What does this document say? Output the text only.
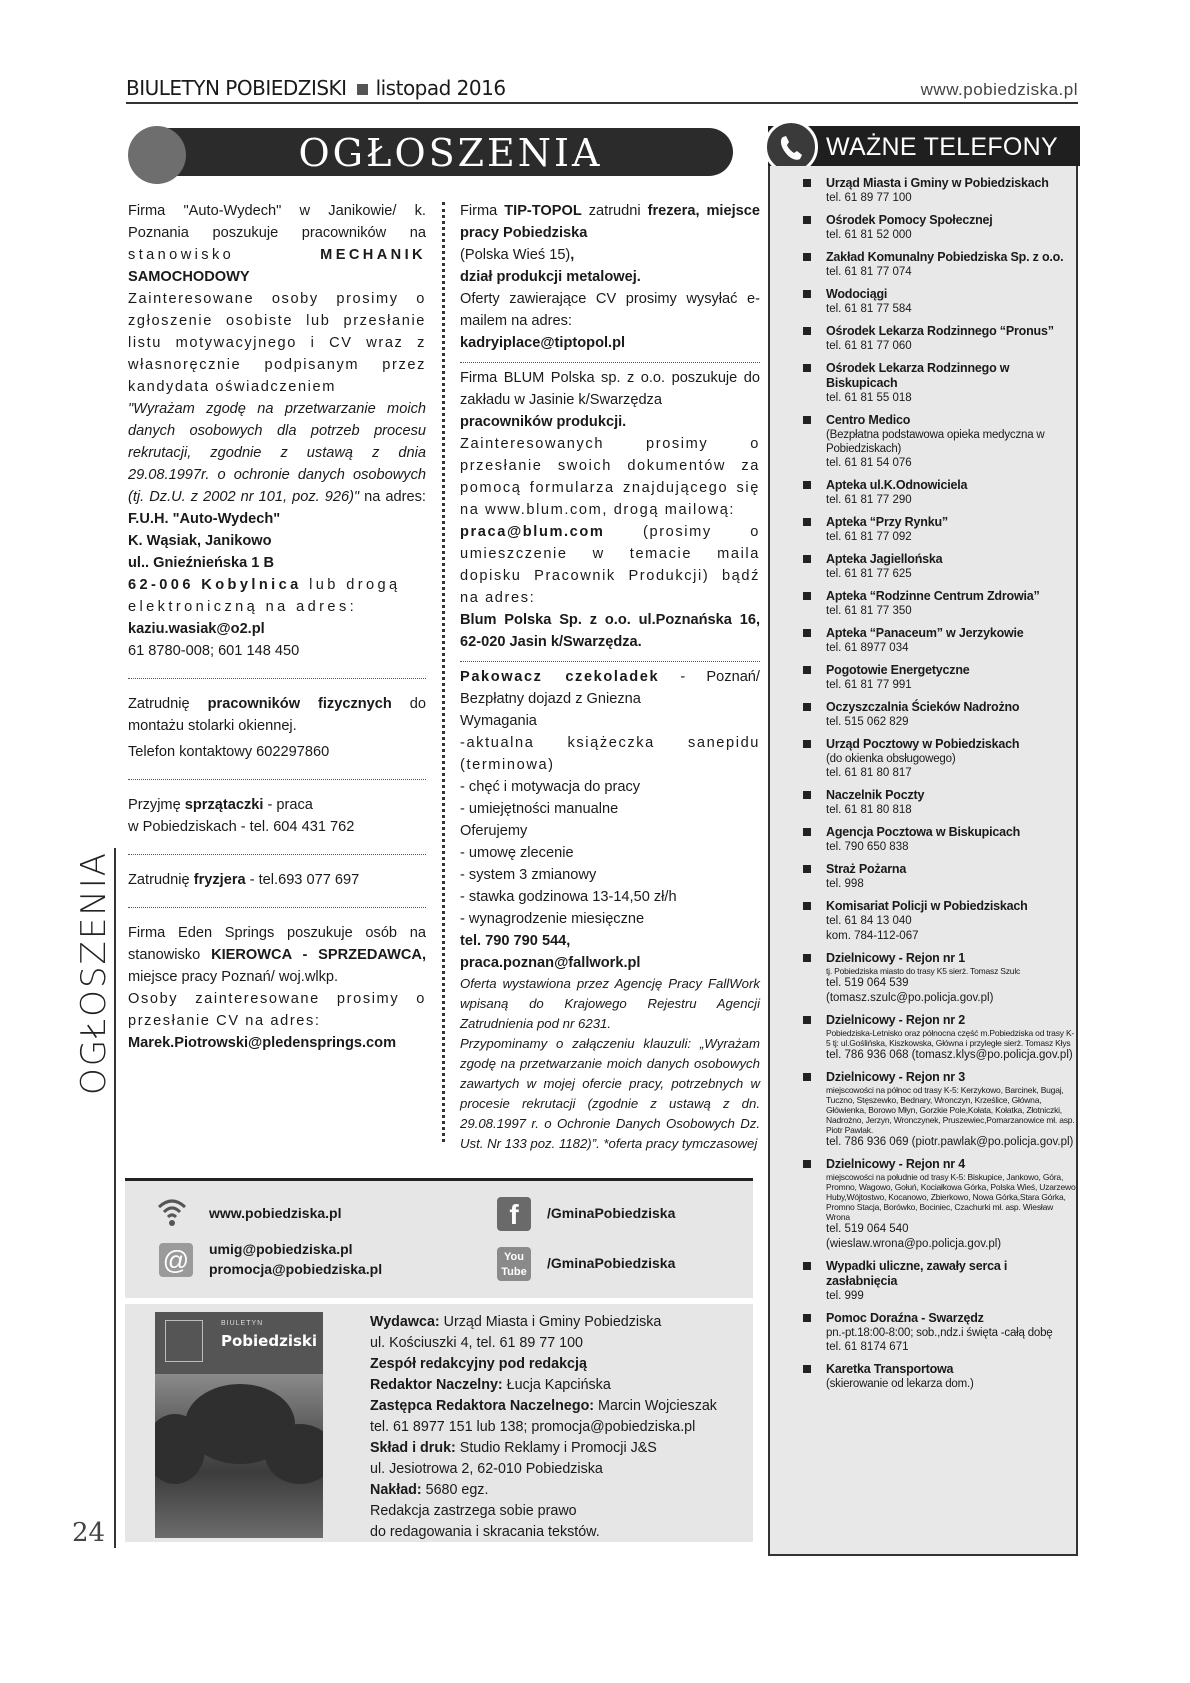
BIULETYN POBIEDZISKI listopad 2016	www.pobiedziska.pl
OGŁOSZENIA

Firma "Auto-Wydech" w Janikowie/ k. Poznania poszukuje pracowników na stanowisko	MECHANIK SAMOCHODOWY

Zainteresowane osoby prosimy o zgłoszenie osobiste lub przesłanie listu motywacyjnego i CV wraz z własnoręcznie podpisanym przez kandydata oświadczeniem

"Wyrażam zgodę na przetwarzanie moich danych osobowych dla potrzeb procesu rekrutacji, zgodnie z ustawą z dnia 29.08.1997r. o ochronie danych osobowych (tj. Dz.U. z 2002 nr 101, poz. 926)" na adres: F.U.H. "Auto-Wydech"

K. Wąsiak, Janikowo

ul.. Gnieźnieńska 1 B

62-006 Kobylnica lub drogą

elektroniczną na adres:

kaziu.wasiak@o2.pl

61 8780-008; 601 148 450

Zatrudnię pracowników fizycznych do montażu stolarki okiennej.

Telefon kontaktowy 602297860

Przyjmę sprzątaczki - praca

w Pobiedziskach - tel. 604 431 762

Zatrudnię fryzjera - tel.693 077 697

Firma Eden Springs poszukuje osób na stanowisko KIEROWCA - SPRZEDAWCA, miejsce pracy Poznań/ woj.wlkp.

Osoby zainteresowane prosimy o przesłanie CV na adres:

Marek.Piotrowski@pledensprings.com

Firma TIP-TOPOL zatrudni frezera, miejsce pracy Pobiedziska

(Polska Wieś 15),

dział produkcji metalowej.

Oferty zawierające CV prosimy wysyłać e-mailem na adres:

kadryiplace@tiptopol.pl

Firma BLUM Polska sp. z o.o. poszukuje do zakładu w Jasinie k/Swarzędza

pracowników produkcji.

Zainteresowanych prosimy o przesłanie swoich dokumentów za pomocą formularza znajdującego się na www.blum.com, drogą mailową:

praca@blum.com (prosimy o umieszczenie w temacie maila dopisku Pracownik Produkcji) bądź na adres:

Blum Polska Sp. z o.o. ul.Poznańska 16, 62-020 Jasin k/Swarzędza.

Pakowacz czekoladek - Poznań/ Bezpłatny dojazd z Gniezna

Wymagania

-aktualna książeczka sanepidu (terminowa)

- chęć i motywacja do pracy

- umiejętności manualne

Oferujemy

- umowę zlecenie

- system 3 zmianowy

- stawka godzinowa 13-14,50 zł/h

- wynagrodzenie miesięczne

tel. 790 790 544,

praca.poznan@fallwork.pl

Oferta wystawiona przez Agencję Pracy FallWork wpisaną do Krajowego Rejestru Agencji Zatrudnienia pod nr 6231.

Przypominamy o załączeniu klauzuli: „Wyrażam zgodę na przetwarzanie moich danych osobowych zawartych w mojej ofercie pracy, potrzebnych w procesie rekrutacji (zgodnie z ustawą z dn. 29.08.1997 r. o Ochronie Danych Osobowych Dz. Ust. Nr 133 poz. 1182)”. *oferta pracy tymczasowej

OGŁOSZENIA
24
WAŻNE TELEFONY
Urząd Miasta i Gminy w Pobiedziskach
tel. 61 89 77 100
Ośrodek Pomocy Społecznej
tel. 61 81 52 000
Zakład Komunalny Pobiedziska Sp. z o.o.
tel. 61 81 77 074
Wodociągi
tel. 61 81 77 584
Ośrodek Lekarza Rodzinnego “Pronus”
tel. 61 81 77 060
Ośrodek Lekarza Rodzinnego w Biskupicach
tel. 61 81 55 018
Centro Medico
(Bezpłatna podstawowa opieka medyczna w Pobiedziskach)
tel. 61 81 54 076
Apteka ul.K.Odnowiciela
tel. 61 81 77 290
Apteka “Przy Rynku”
tel. 61 81 77 092
Apteka Jagiellońska
tel. 61 81 77 625
Apteka “Rodzinne Centrum Zdrowia”
tel. 61 81 77 350
Apteka “Panaceum” w Jerzykowie
tel. 61 8977 034
Pogotowie Energetyczne
tel. 61 81 77 991
Oczyszczalnia Ścieków Nadrożno
tel. 515 062 829
Urząd Pocztowy w Pobiedziskach
(do okienka obsługowego)
tel. 61 81 80 817
Naczelnik Poczty
tel. 61 81 80 818
Agencja Pocztowa w Biskupicach
tel. 790 650 838
Straż Pożarna
tel. 998
Komisariat Policji w Pobiedziskach
tel. 61 84 13 040
kom. 784-112-067
Dzielnicowy - Rejon nr 1
tj. Pobiedziska miasto do trasy K5 sierż. Tomasz Szulc
tel. 519 064 539 (tomasz.szulc@po.policja.gov.pl)
Dzielnicowy - Rejon nr 2
Pobiedziska-Letnisko oraz północna część m.Pobiedziska od trasy K-5 tj: ul.Goślińska, Kiszkowska, Główna i przyległe sierż. Tomasz Kłys
tel. 786 936 068 (tomasz.klys@po.policja.gov.pl)
Dzielnicowy - Rejon nr 3
miejscowości na północ od trasy K-5: Kerzykowo, Barcinek, Bugaj, Tuczno, Stęszewko, Bednary, Wronczyn, Krześlice, Główna, Główienka, Borowo Młyn, Gorzkie Pole,Kołata, Kołatka, Złotniczki, Nadrożno, Jerzyn, Wronczynek, Pruszewiec,Pomarzanowice mł. asp. Piotr Pawlak.
tel. 786 936 069 (piotr.pawlak@po.policja.gov.pl)
Dzielnicowy - Rejon nr 4
miejscowości na południe od trasy K-5: Biskupice, Jankowo, Góra, Promno, Wagowo, Gołuń, Kociałkowa Górka, Polska Wieś, Uzarzewo Huby,Wójtostwo, Kocanowo, Zbierkowo, Nowa Górka,Stara Górka, Promno Stacja, Borówko, Bociniec, Czachurki mł. asp. Wiesław Wrona
tel. 519 064 540 (wieslaw.wrona@po.policja.gov.pl)
Wypadki uliczne, zawały serca i zasłabnięcia
tel. 999
Pomoc Doraźna - Swarzędz
pn.-pt.18:00-8:00; sob.,ndz.i święta -całą dobę
tel. 61 8174 671
Karetka Transportowa
(skierowanie od lekarza dom.)
www.pobiedziska.pl
@ umig@pobiedziska.pl
promocja@pobiedziska.pl
f	/GminaPobiedziska
You
Tube
/GminaPobiedziska
BIULETYN
Pobiedziski

Wydawca: Urząd Miasta i Gminy Pobiedziska

ul. Kościuszki 4, tel. 61 89 77 100

Zespół redakcyjny pod redakcją

Redaktor Naczelny: Łucja Kapcińska

Zastępca Redaktora Naczelnego: Marcin Wojcieszak

tel. 61 8977 151 lub 138; promocja@pobiedziska.pl

Skład i druk: Studio Reklamy i Promocji J&S

ul. Jesiotrowa 2, 62-010 Pobiedziska

Nakład: 5680 egz.

Redakcja zastrzega sobie prawo

do redagowania i skracania tekstów.
